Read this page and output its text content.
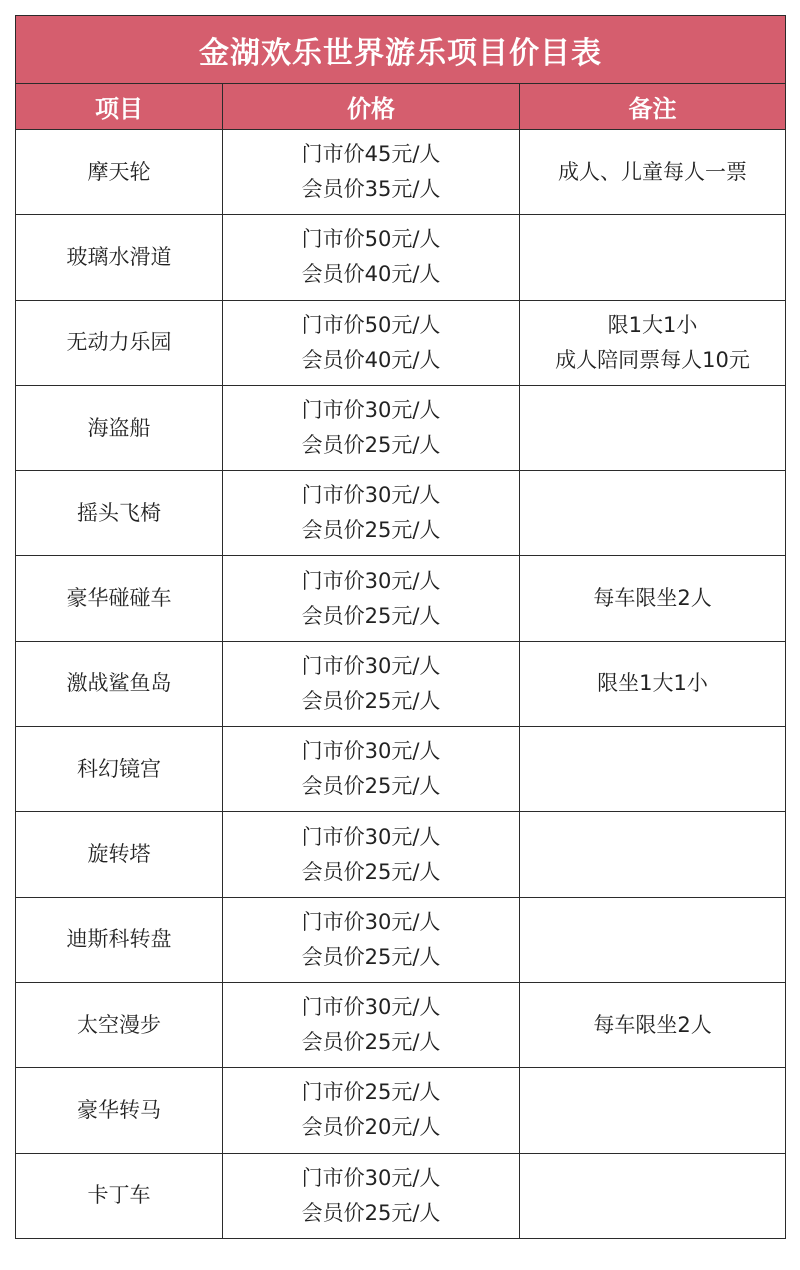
金湖欢乐世界游乐项目价目表		
项目	价格	备注
摩天轮	门市价45元/人
会员价35元/人	成人、儿童每人一票

玻璃水滑道	门市价50元/人
会员价40元/人	

无动力乐园	门市价50元/人
会员价40元/人	限1大1小
成人陪同票每人10元

海盗船	门市价30元/人
会员价25元/人	

摇头飞椅	门市价30元/人
会员价25元/人	

豪华碰碰车	门市价30元/人
会员价25元/人	每车限坐2人

激战鲨鱼岛	门市价30元/人
会员价25元/人	限坐1大1小

科幻镜宫	门市价30元/人
会员价25元/人	

旋转塔	门市价30元/人
会员价25元/人	

迪斯科转盘	门市价30元/人
会员价25元/人	

太空漫步	门市价30元/人
会员价25元/人	每车限坐2人

豪华转马	门市价25元/人
会员价20元/人	

卡丁车	门市价30元/人
会员价25元/人	
